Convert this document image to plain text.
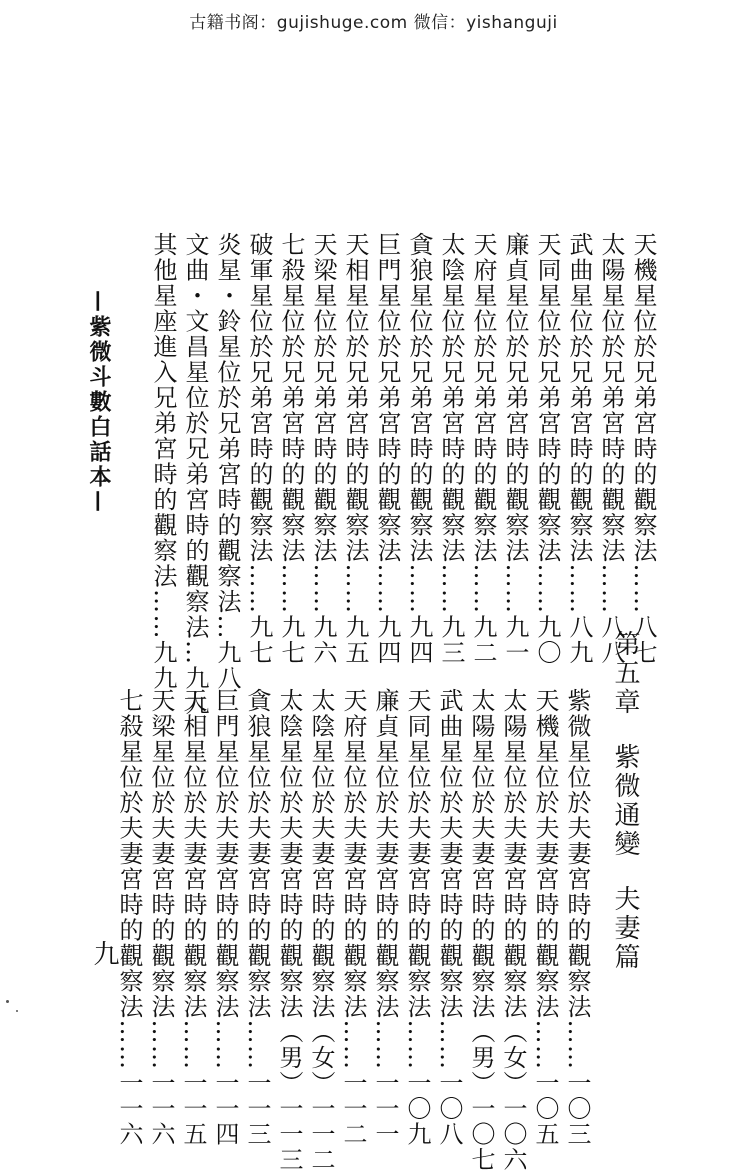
古籍书阁：gujishuge.com 微信：yishanguji
天機星位於兄弟宮時的觀察法……八七
太陽星位於兄弟宮時的觀察法……八八
武曲星位於兄弟宮時的觀察法……八九
天同星位於兄弟宮時的觀察法……九〇
廉貞星位於兄弟宮時的觀察法……九一
天府星位於兄弟宮時的觀察法……九二
太陰星位於兄弟宮時的觀察法……九三
貪狼星位於兄弟宮時的觀察法……九四
巨門星位於兄弟宮時的觀察法……九四
天相星位於兄弟宮時的觀察法……九五
天梁星位於兄弟宮時的觀察法……九六
七殺星位於兄弟宮時的觀察法……九七
破軍星位於兄弟宮時的觀察法……九七
炎星・鈴星位於兄弟宮時的觀察法…九八
文曲・文昌星位於兄弟宮時的觀察法…九九
其他星座進入兄弟宮時的觀察法……九九	第五章紫微通變夫妻篇
紫微星位於夫妻宮時的觀察法……一〇三
天機星位於夫妻宮時的觀察法……一〇五
太陽星位於夫妻宮時的觀察法（女）一〇六
太陽星位於夫妻宮時的觀察法（男）一〇七
武曲星位於夫妻宮時的觀察法……一〇八
天同星位於夫妻宮時的觀察法……一〇九
廉貞星位於夫妻宮時的觀察法……一一一
天府星位於夫妻宮時的觀察法……一一二
太陰星位於夫妻宮時的觀察法（女）一一二
太陰星位於夫妻宮時的觀察法（男）一一三
貪狼星位於夫妻宮時的觀察法……一一三
巨門星位於夫妻宮時的觀察法……一一四
天相星位於夫妻宮時的觀察法……一一五
天梁星位於夫妻宮時的觀察法……一一六
七殺星位於夫妻宮時的觀察法……一一六
—紫微斗數白話本—
九
